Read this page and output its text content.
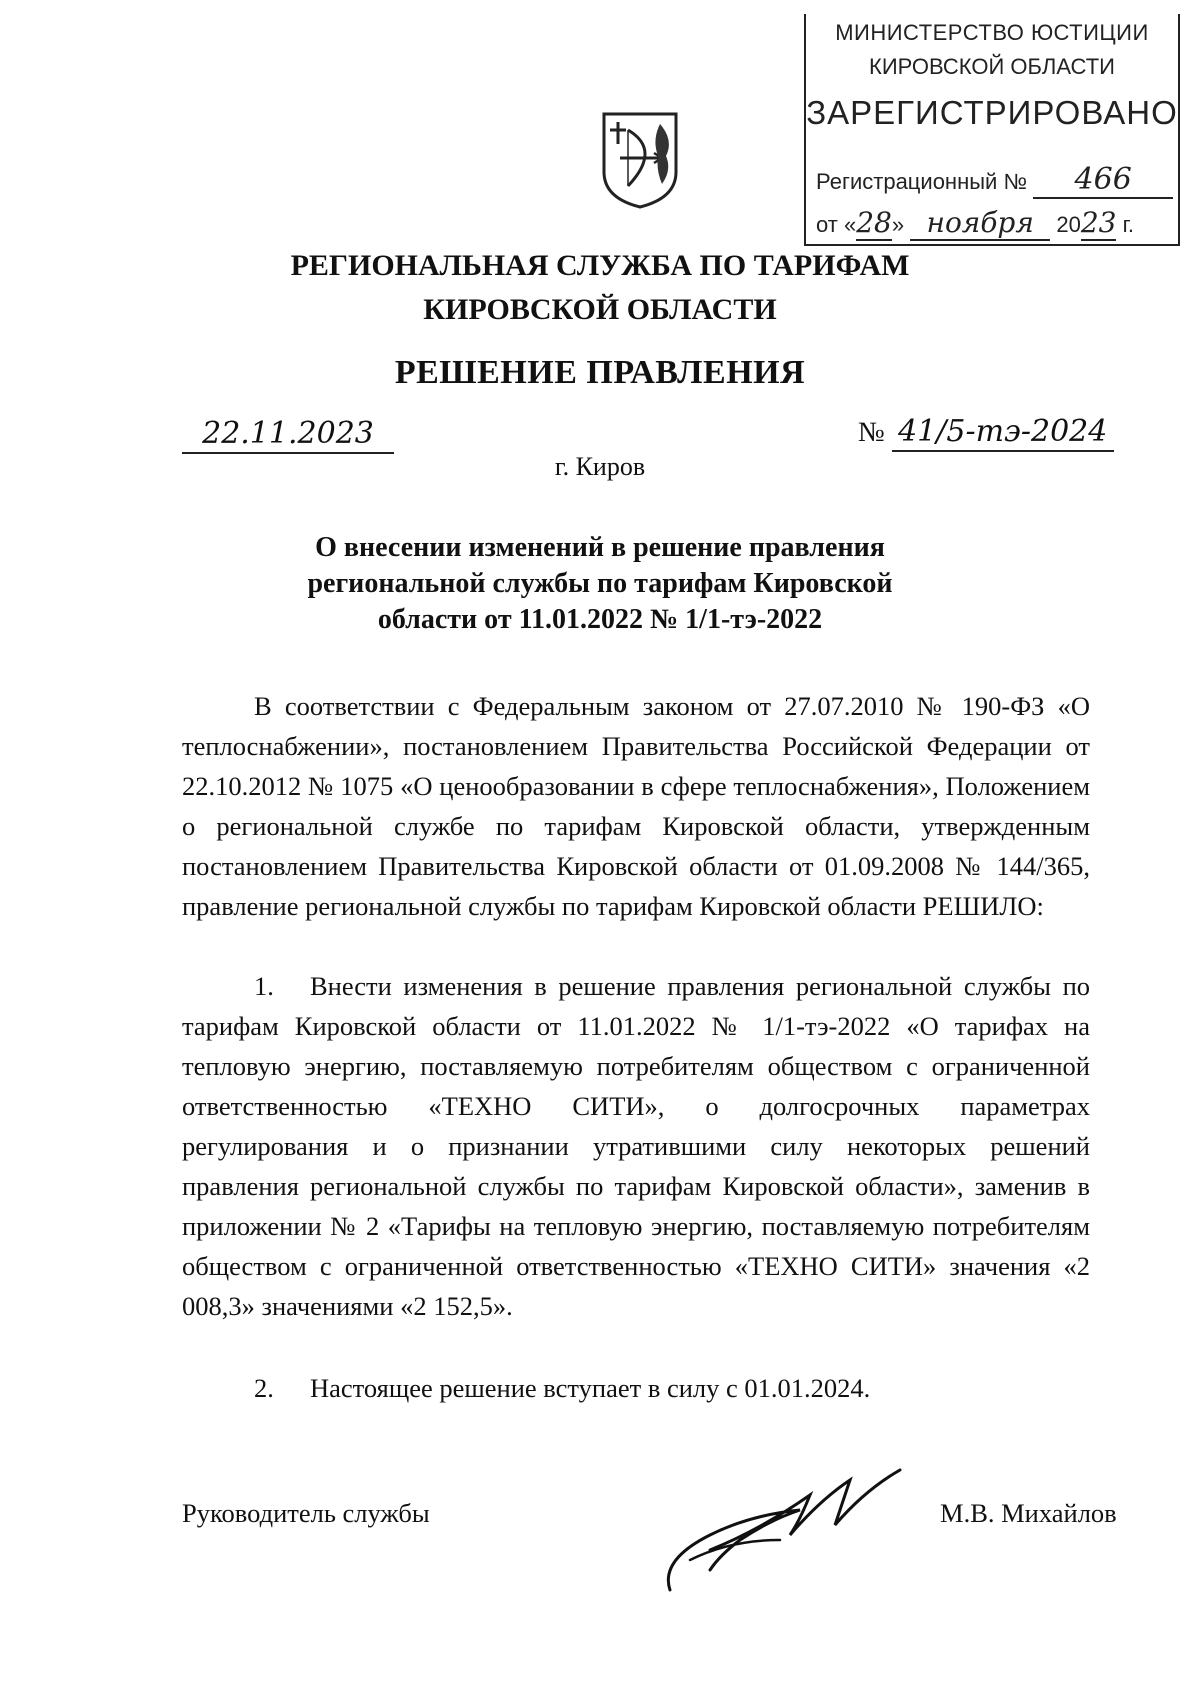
МИНИСТЕРСТВО ЮСТИЦИИ
КИРОВСКОЙ ОБЛАСТИ
ЗАРЕГИСТРИРОВАНО
Регистрационный № 466
от «28» ноября 2023 г.
РЕГИОНАЛЬНАЯ СЛУЖБА ПО ТАРИФАМ
КИРОВСКОЙ ОБЛАСТИ
РЕШЕНИЕ ПРАВЛЕНИЯ
22.11.2023	№ 41/5-тэ-2024
г. Киров
О внесении изменений в решение правления
региональной службы по тарифам Кировской
области от 11.01.2022 № 1/1-тэ-2022

В соответствии с Федеральным законом от 27.07.2010 № 190-ФЗ «О теплоснабжении», постановлением Правительства Российской Федерации от 22.10.2012 № 1075 «О ценообразовании в сфере теплоснабжения», Положением о региональной службе по тарифам Кировской области, утвержденным постановлением Правительства Кировской области от 01.09.2008 № 144/365, правление региональной службы по тарифам Кировской области РЕШИЛО:

1. Внести изменения в решение правления региональной службы по тарифам Кировской области от 11.01.2022 № 1/1-тэ-2022 «О тарифах на тепловую энергию, поставляемую потребителям обществом с ограниченной ответственностью «ТЕХНО СИТИ», о долгосрочных параметрах регулирования и о признании утратившими силу некоторых решений правления региональной службы по тарифам Кировской области», заменив в приложении № 2 «Тарифы на тепловую энергию, поставляемую потребителям обществом с ограниченной ответственностью «ТЕХНО СИТИ» значения «2 008,3» значениями «2 152,5».

2. Настоящее решение вступает в силу с 01.01.2024.

Руководитель службы	М.В. Михайлов
